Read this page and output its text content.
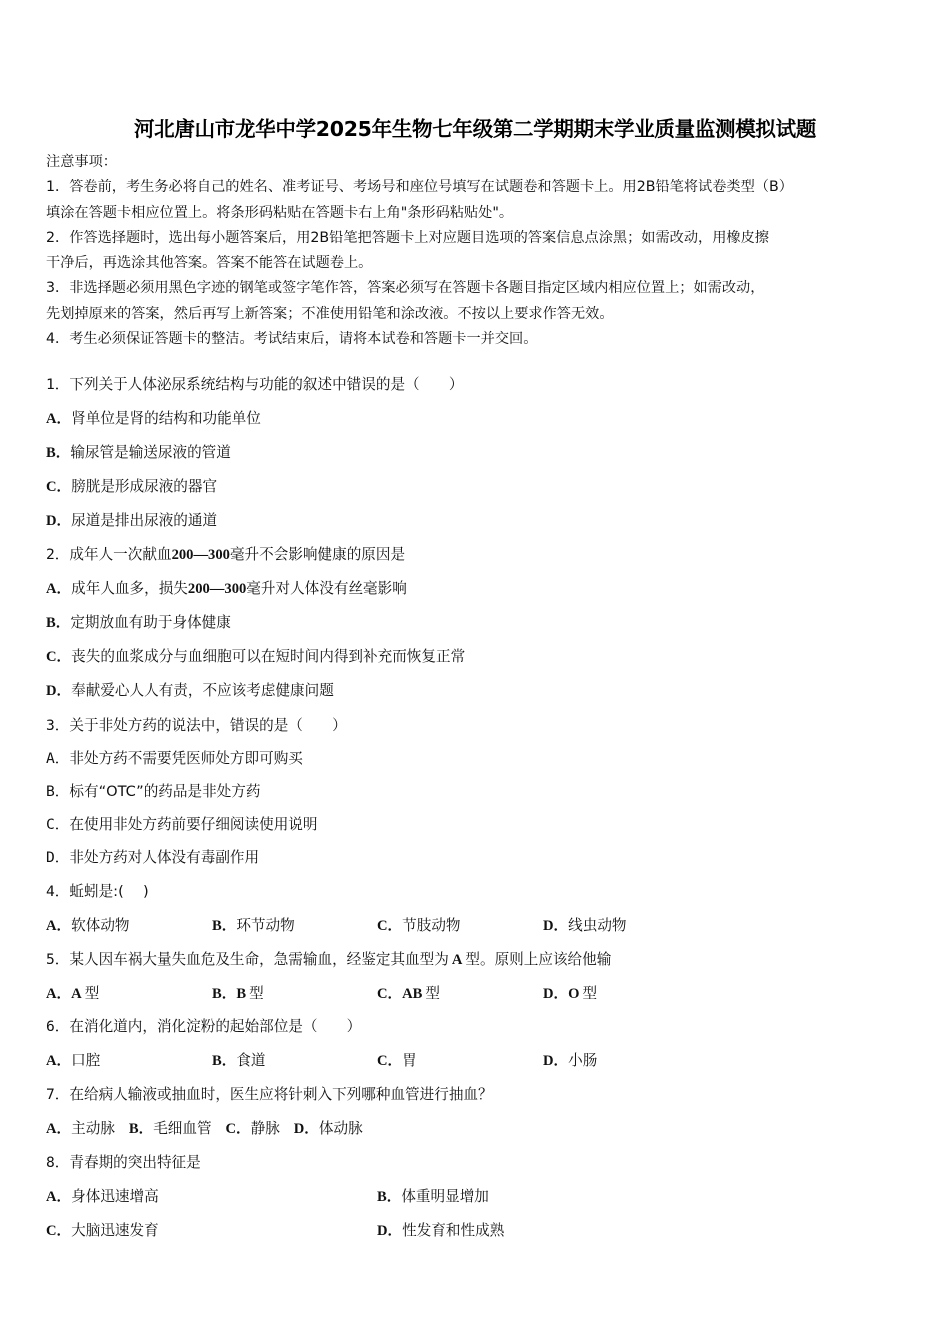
河北唐山市龙华中学2025年生物七年级第二学期期末学业质量监测模拟试题
注意事项：
1．答卷前，考生务必将自己的姓名、准考证号、考场号和座位号填写在试题卷和答题卡上。用2B铅笔将试卷类型（B）
填涂在答题卡相应位置上。将条形码粘贴在答题卡右上角"条形码粘贴处"。
2．作答选择题时，选出每小题答案后，用2B铅笔把答题卡上对应题目选项的答案信息点涂黑；如需改动，用橡皮擦
干净后，再选涂其他答案。答案不能答在试题卷上。
3．非选择题必须用黑色字迹的钢笔或签字笔作答，答案必须写在答题卡各题目指定区域内相应位置上；如需改动，
先划掉原来的答案，然后再写上新答案；不准使用铅笔和涂改液。不按以上要求作答无效。
4．考生必须保证答题卡的整洁。考试结束后，请将本试卷和答题卡一并交回。
1．下列关于人体泌尿系统结构与功能的叙述中错误的是（　　）
A．肾单位是肾的结构和功能单位
B．输尿管是输送尿液的管道
C．膀胱是形成尿液的器官
D．尿道是排出尿液的通道
2．成年人一次献血200—300毫升不会影响健康的原因是
A．成年人血多，损失200—300毫升对人体没有丝毫影响
B．定期放血有助于身体健康
C．丧失的血浆成分与血细胞可以在短时间内得到补充而恢复正常
D．奉献爱心人人有责，不应该考虑健康问题
3．关于非处方药的说法中，错误的是（　　）
A．非处方药不需要凭医师处方即可购买
B．标有“OTC”的药品是非处方药
C．在使用非处方药前要仔细阅读使用说明
D．非处方药对人体没有毒副作用
4．蚯蚓是:(　 )
A．软体动物	B．环节动物	C．节肢动物	D．线虫动物
5．某人因车祸大量失血危及生命，急需输血，经鉴定其血型为 A 型。原则上应该给他输
A．A 型	B．B 型	C．AB 型	D．O 型
6．在消化道内，消化淀粉的起始部位是（　　）
A．口腔	B．食道	C．胃	D．小肠
7．在给病人输液或抽血时，医生应将针刺入下列哪种血管进行抽血？
A．主动脉 B．毛细血管 C．静脉 D．体动脉
8．青春期的突出特征是
A．身体迅速增高	B．体重明显增加
C．大脑迅速发育	D．性发育和性成熟
